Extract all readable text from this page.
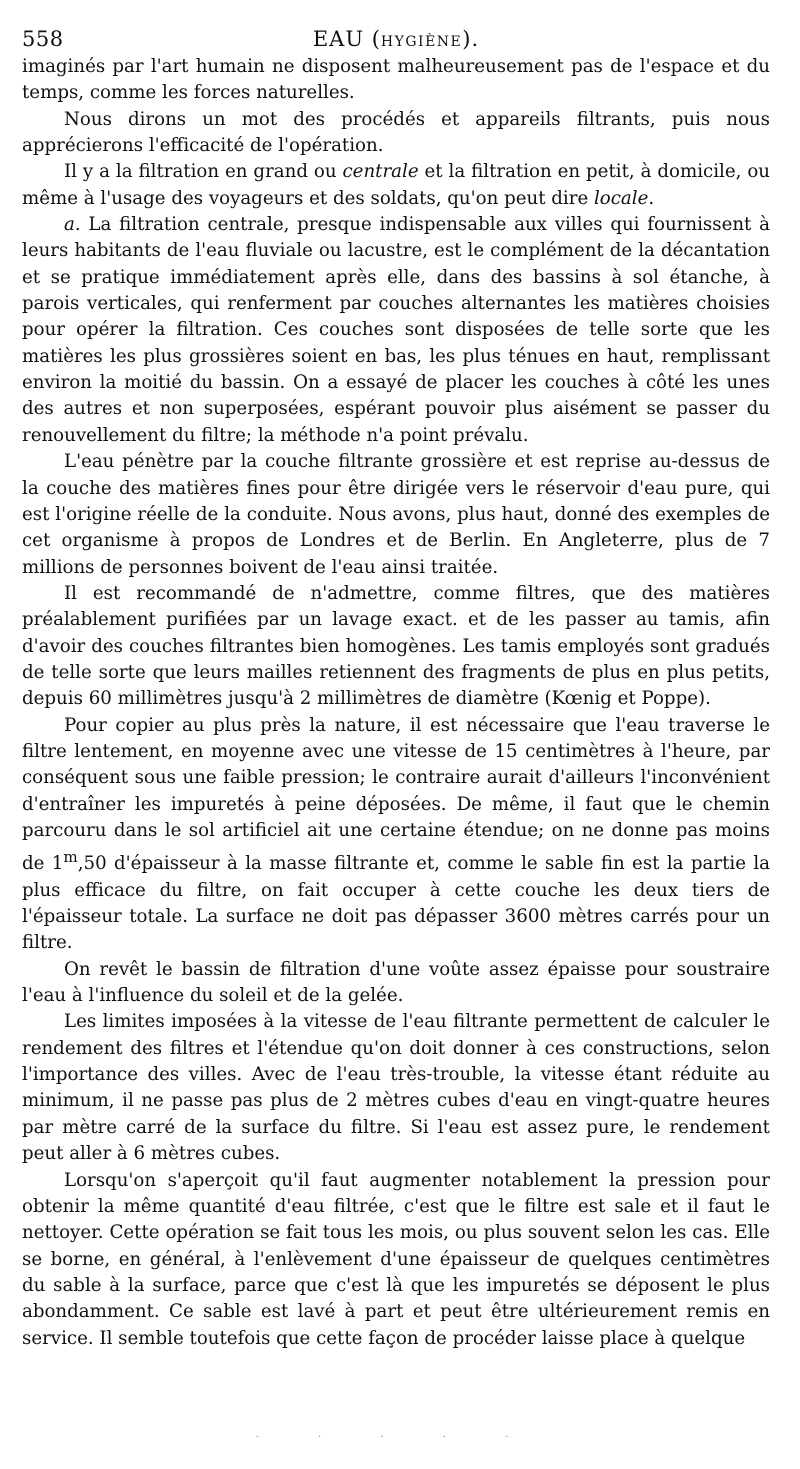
558	EAU (HYGIÈNE).

imaginés par l'art humain ne disposent malheureusement pas de l'espace et du temps, comme les forces naturelles.

Nous dirons un mot des procédés et appareils filtrants, puis nous apprécierons l'efficacité de l'opération.

Il y a la filtration en grand ou centrale et la filtration en petit, à domicile, ou même à l'usage des voyageurs et des soldats, qu'on peut dire locale.

a. La filtration centrale, presque indispensable aux villes qui fournissent à leurs habitants de l'eau fluviale ou lacustre, est le complément de la décantation et se pratique immédiatement après elle, dans des bassins à sol étanche, à parois verticales, qui renferment par couches alternantes les matières choisies pour opérer la filtration. Ces couches sont disposées de telle sorte que les matières les plus grossières soient en bas, les plus ténues en haut, remplissant environ la moitié du bassin. On a essayé de placer les couches à côté les unes des autres et non superposées, espérant pouvoir plus aisément se passer du renouvellement du filtre; la méthode n'a point prévalu.

L'eau pénètre par la couche filtrante grossière et est reprise au-dessus de la couche des matières fines pour être dirigée vers le réservoir d'eau pure, qui est l'origine réelle de la conduite. Nous avons, plus haut, donné des exemples de cet organisme à propos de Londres et de Berlin. En Angleterre, plus de 7 millions de personnes boivent de l'eau ainsi traitée.

Il est recommandé de n'admettre, comme filtres, que des matières préalablement purifiées par un lavage exact. et de les passer au tamis, afin d'avoir des couches filtrantes bien homogènes. Les tamis employés sont gradués de telle sorte que leurs mailles retiennent des fragments de plus en plus petits, depuis 60 millimètres jusqu'à 2 millimètres de diamètre (Kœnig et Poppe).

Pour copier au plus près la nature, il est nécessaire que l'eau traverse le filtre lentement, en moyenne avec une vitesse de 15 centimètres à l'heure, par conséquent sous une faible pression; le contraire aurait d'ailleurs l'inconvénient d'entraîner les impuretés à peine déposées. De même, il faut que le chemin parcouru dans le sol artificiel ait une certaine étendue; on ne donne pas moins de 1$^m$,50 d'épaisseur à la masse filtrante et, comme le sable fin est la partie la plus efficace du filtre, on fait occuper à cette couche les deux tiers de l'épaisseur totale. La surface ne doit pas dépasser 3600 mètres carrés pour un filtre.

On revêt le bassin de filtration d'une voûte assez épaisse pour soustraire l'eau à l'influence du soleil et de la gelée.

Les limites imposées à la vitesse de l'eau filtrante permettent de calculer le rendement des filtres et l'étendue qu'on doit donner à ces constructions, selon l'importance des villes. Avec de l'eau très-trouble, la vitesse étant réduite au minimum, il ne passe pas plus de 2 mètres cubes d'eau en vingt-quatre heures par mètre carré de la surface du filtre. Si l'eau est assez pure, le rendement peut aller à 6 mètres cubes.

Lorsqu'on s'aperçoit qu'il faut augmenter notablement la pression pour obtenir la même quantité d'eau filtrée, c'est que le filtre est sale et il faut le nettoyer. Cette opération se fait tous les mois, ou plus souvent selon les cas. Elle se borne, en général, à l'enlèvement d'une épaisseur de quelques centimètres du sable à la surface, parce que c'est là que les impuretés se déposent le plus abondamment. Ce sable est lavé à part et peut être ultérieurement remis en service. Il semble toutefois que cette façon de procéder laisse place à quelque

· · · · ·
